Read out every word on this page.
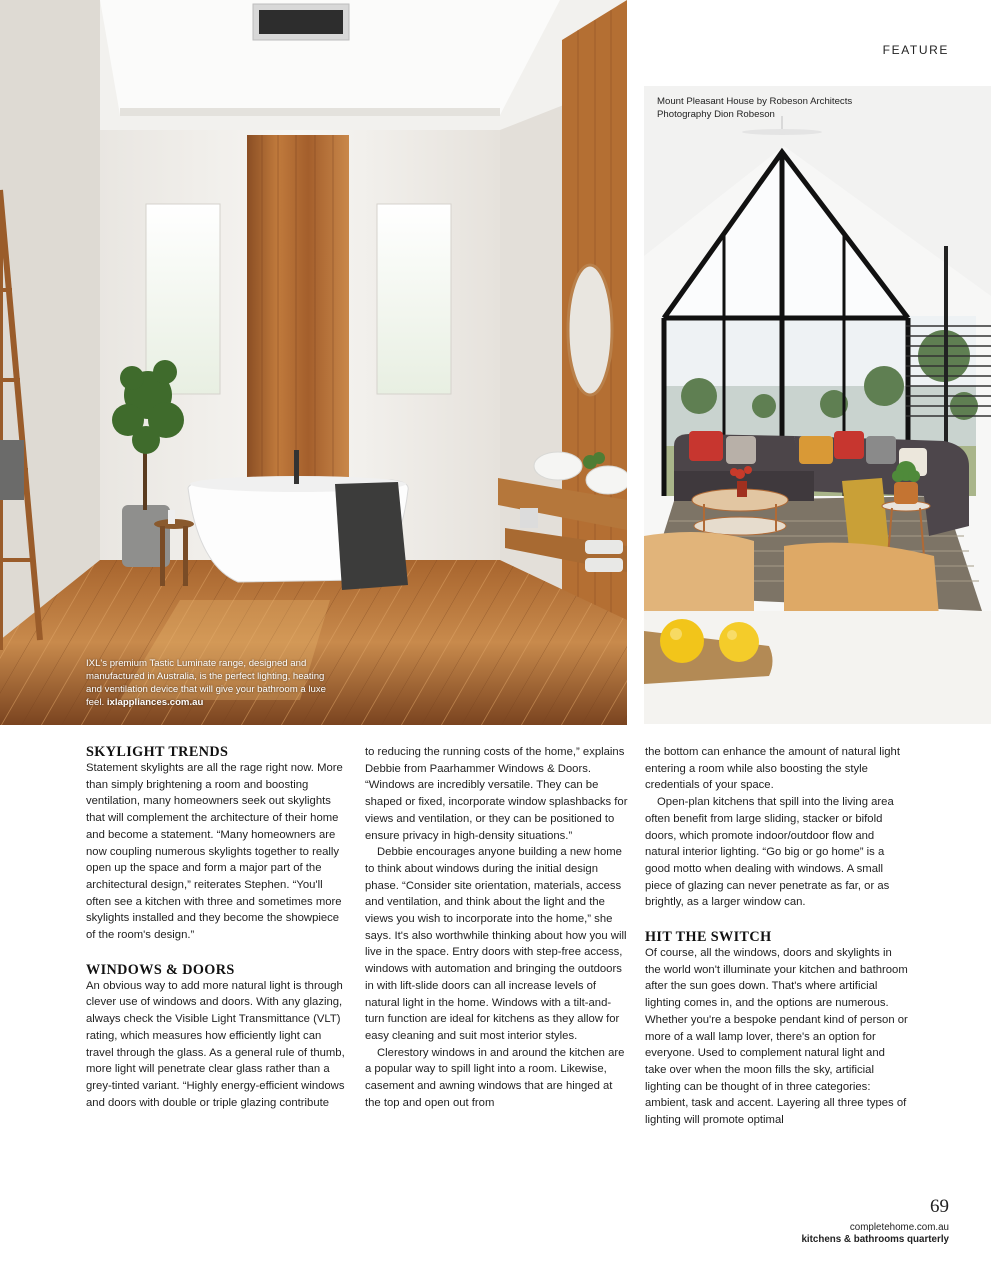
IXL's premium Tastic Luminate range, designed and manufactured in Australia, is the perfect lighting, heating and ventilation device that will give your bathroom a luxe feel. ixlappliances.com.au
FEATURE
Mount Pleasant House by Robeson Architects
Photography Dion Robeson
SKYLIGHT TRENDS

Statement skylights are all the rage right now. More than simply brightening a room and boosting ventilation, many homeowners seek out skylights that will complement the architecture of their home and become a statement. “Many homeowners are now coupling numerous skylights together to really open up the space and form a major part of the architectural design,” reiterates Stephen. “You'll often see a kitchen with three and sometimes more skylights installed and they become the showpiece of the room's design.”

WINDOWS & DOORS

An obvious way to add more natural light is through clever use of windows and doors. With any glazing, always check the Visible Light Transmittance (VLT) rating, which measures how efficiently light can travel through the glass. As a general rule of thumb, more light will penetrate clear glass rather than a grey-tinted variant. “Highly energy-efficient windows and doors with double or triple glazing contribute

to reducing the running costs of the home,” explains Debbie from Paarhammer Windows & Doors. “Windows are incredibly versatile. They can be shaped or fixed, incorporate window splashbacks for views and ventilation, or they can be positioned to ensure privacy in high-density situations.”

Debbie encourages anyone building a new home to think about windows during the initial design phase. “Consider site orientation, materials, access and ventilation, and think about the light and the views you wish to incorporate into the home,” she says. It's also worthwhile thinking about how you will live in the space. Entry doors with step-free access, windows with automation and bringing the outdoors in with lift-slide doors can all increase levels of natural light in the home. Windows with a tilt-and-turn function are ideal for kitchens as they allow for easy cleaning and suit most interior styles.

Clerestory windows in and around the kitchen are a popular way to spill light into a room. Likewise, casement and awning windows that are hinged at the top and open out from

the bottom can enhance the amount of natural light entering a room while also boosting the style credentials of your space.

Open-plan kitchens that spill into the living area often benefit from large sliding, stacker or bifold doors, which promote indoor/outdoor flow and natural interior lighting. “Go big or go home” is a good motto when dealing with windows. A small piece of glazing can never penetrate as far, or as brightly, as a larger window can.

HIT THE SWITCH

Of course, all the windows, doors and skylights in the world won't illuminate your kitchen and bathroom after the sun goes down. That's where artificial lighting comes in, and the options are numerous. Whether you're a bespoke pendant kind of person or more of a wall lamp lover, there's an option for everyone. Used to complement natural light and take over when the moon fills the sky, artificial lighting can be thought of in three categories: ambient, task and accent. Layering all three types of lighting will promote optimal

69
completehome.com.au
kitchens & bathrooms quarterly
